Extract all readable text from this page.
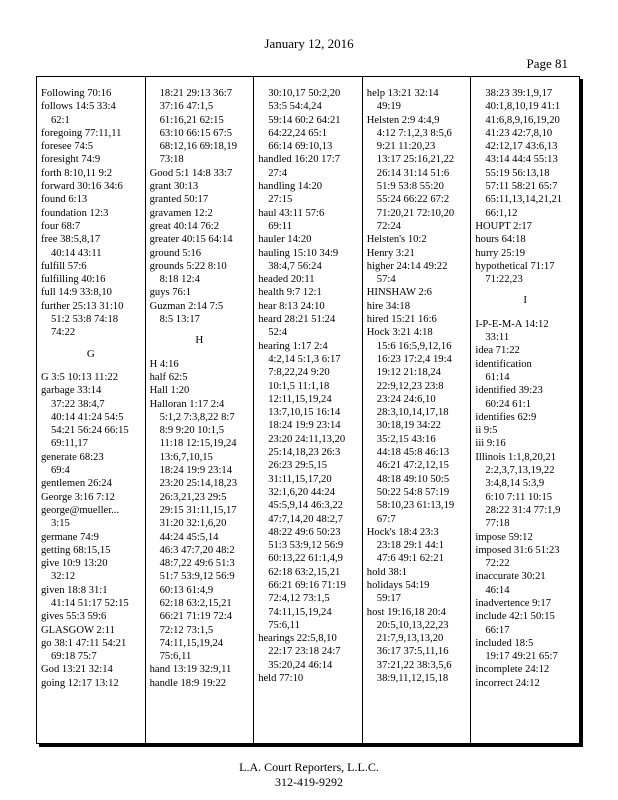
January 12, 2016
Page 81

Following 70:16

follows 14:5 33:4

62:1

foregoing 77:11,11

foresee 74:5

foresight 74:9

forth 8:10,11 9:2

forward 30:16 34:6

found 6:13

foundation 12:3

four 68:7

free 38:5,8,17

40:14 43:11

fulfill 57:6

fulfilling 40:16

full 14:9 33:8,10

further 25:13 31:10

51:2 53:8 74:18

74:22

G

G 3:5 10:13 11:22

garbage 33:14

37:22 38:4,7

40:14 41:24 54:5

54:21 56:24 66:15

69:11,17

generate 68:23

69:4

gentlemen 26:24

George 3:16 7:12

george@mueller...

3:15

germane 74:9

getting 68:15,15

give 10:9 13:20

32:12

given 18:8 31:1

41:14 51:17 52:15

gives 55:3 59:6

GLASGOW 2:11

go 38:1 47:11 54:21

69:18 75:7

God 13:21 32:14

going 12:17 13:12

18:21 29:13 36:7

37:16 47:1,5

61:16,21 62:15

63:10 66:15 67:5

68:12,16 69:18,19

73:18

Good 5:1 14:8 33:7

grant 30:13

granted 50:17

gravamen 12:2

great 40:14 76:2

greater 40:15 64:14

ground 5:16

grounds 5:22 8:10

8:18 12:4

guys 76:1

Guzman 2:14 7:5

8:5 13:17

H

H 4:16

half 62:5

Hall 1:20

Halloran 1:17 2:4

5:1,2 7:3,8,22 8:7

8:9 9:20 10:1,5

11:18 12:15,19,24

13:6,7,10,15

18:24 19:9 23:14

23:20 25:14,18,23

26:3,21,23 29:5

29:15 31:11,15,17

31:20 32:1,6,20

44:24 45:5,14

46:3 47:7,20 48:2

48:7,22 49:6 51:3

51:7 53:9,12 56:9

60:13 61:4,9

62:18 63:2,15,21

66:21 71:19 72:4

72:12 73:1,5

74:11,15,19,24

75:6,11

hand 13:19 32:9,11

handle 18:9 19:22

30:10,17 50:2,20

53:5 54:4,24

59:14 60:2 64:21

64:22,24 65:1

66:14 69:10,13

handled 16:20 17:7

27:4

handling 14:20

27:15

haul 43:11 57:6

69:11

hauler 14:20

hauling 15:10 34:9

38:4,7 56:24

headed 20:11

health 9:7 12:1

hear 8:13 24:10

heard 28:21 51:24

52:4

hearing 1:17 2:4

4:2,14 5:1,3 6:17

7:8,22,24 9:20

10:1,5 11:1,18

12:11,15,19,24

13:7,10,15 16:14

18:24 19:9 23:14

23:20 24:11,13,20

25:14,18,23 26:3

26:23 29:5,15

31:11,15,17,20

32:1,6,20 44:24

45:5,9,14 46:3,22

47:7,14,20 48:2,7

48:22 49:6 50:23

51:3 53:9,12 56:9

60:13,22 61:1,4,9

62:18 63:2,15,21

66:21 69:16 71:19

72:4,12 73:1,5

74:11,15,19,24

75:6,11

hearings 22:5,8,10

22:17 23:18 24:7

35:20,24 46:14

held 77:10

help 13:21 32:14

49:19

Helsten 2:9 4:4,9

4:12 7:1,2,3 8:5,6

9:21 11:20,23

13:17 25:16,21,22

26:14 31:14 51:6

51:9 53:8 55:20

55:24 66:22 67:2

71:20,21 72:10,20

72:24

Helsten's 10:2

Henry 3:21

higher 24:14 49:22

57:4

HINSHAW 2:6

hire 34:18

hired 15:21 16:6

Hock 3:21 4:18

15:6 16:5,9,12,16

16:23 17:2,4 19:4

19:12 21:18,24

22:9,12,23 23:8

23:24 24:6,10

28:3,10,14,17,18

30:18,19 34:22

35:2,15 43:16

44:18 45:8 46:13

46:21 47:2,12,15

48:18 49:10 50:5

50:22 54:8 57:19

58:10,23 61:13,19

67:7

Hock's 18:4 23:3

23:18 29:1 44:1

47:6 49:1 62:21

hold 38:1

holidays 54:19

59:17

host 19:16,18 20:4

20:5,10,13,22,23

21:7,9,13,13,20

36:17 37:5,11,16

37:21,22 38:3,5,6

38:9,11,12,15,18

38:23 39:1,9,17

40:1,8,10,19 41:1

41:6,8,9,16,19,20

41:23 42:7,8,10

42:12,17 43:6,13

43:14 44:4 55:13

55:19 56:13,18

57:11 58:21 65:7

65:11,13,14,21,21

66:1,12

HOUPT 2:17

hours 64:18

hurry 25:19

hypothetical 71:17

71:22,23

I

I-P-E-M-A 14:12

33:11

idea 71:22

identification

61:14

identified 39:23

60:24 61:1

identifies 62:9

ii 9:5

iii 9:16

Illinois 1:1,8,20,21

2:2,3,7,13,19,22

3:4,8,14 5:3,9

6:10 7:11 10:15

28:22 31:4 77:1,9

77:18

impose 59:12

imposed 31:6 51:23

72:22

inaccurate 30:21

46:14

inadvertence 9:17

include 42:1 50:15

66:17

included 18:5

19:17 49:21 65:7

incomplete 24:12

incorrect 24:12

L.A. Court Reporters, L.L.C.
312-419-9292
